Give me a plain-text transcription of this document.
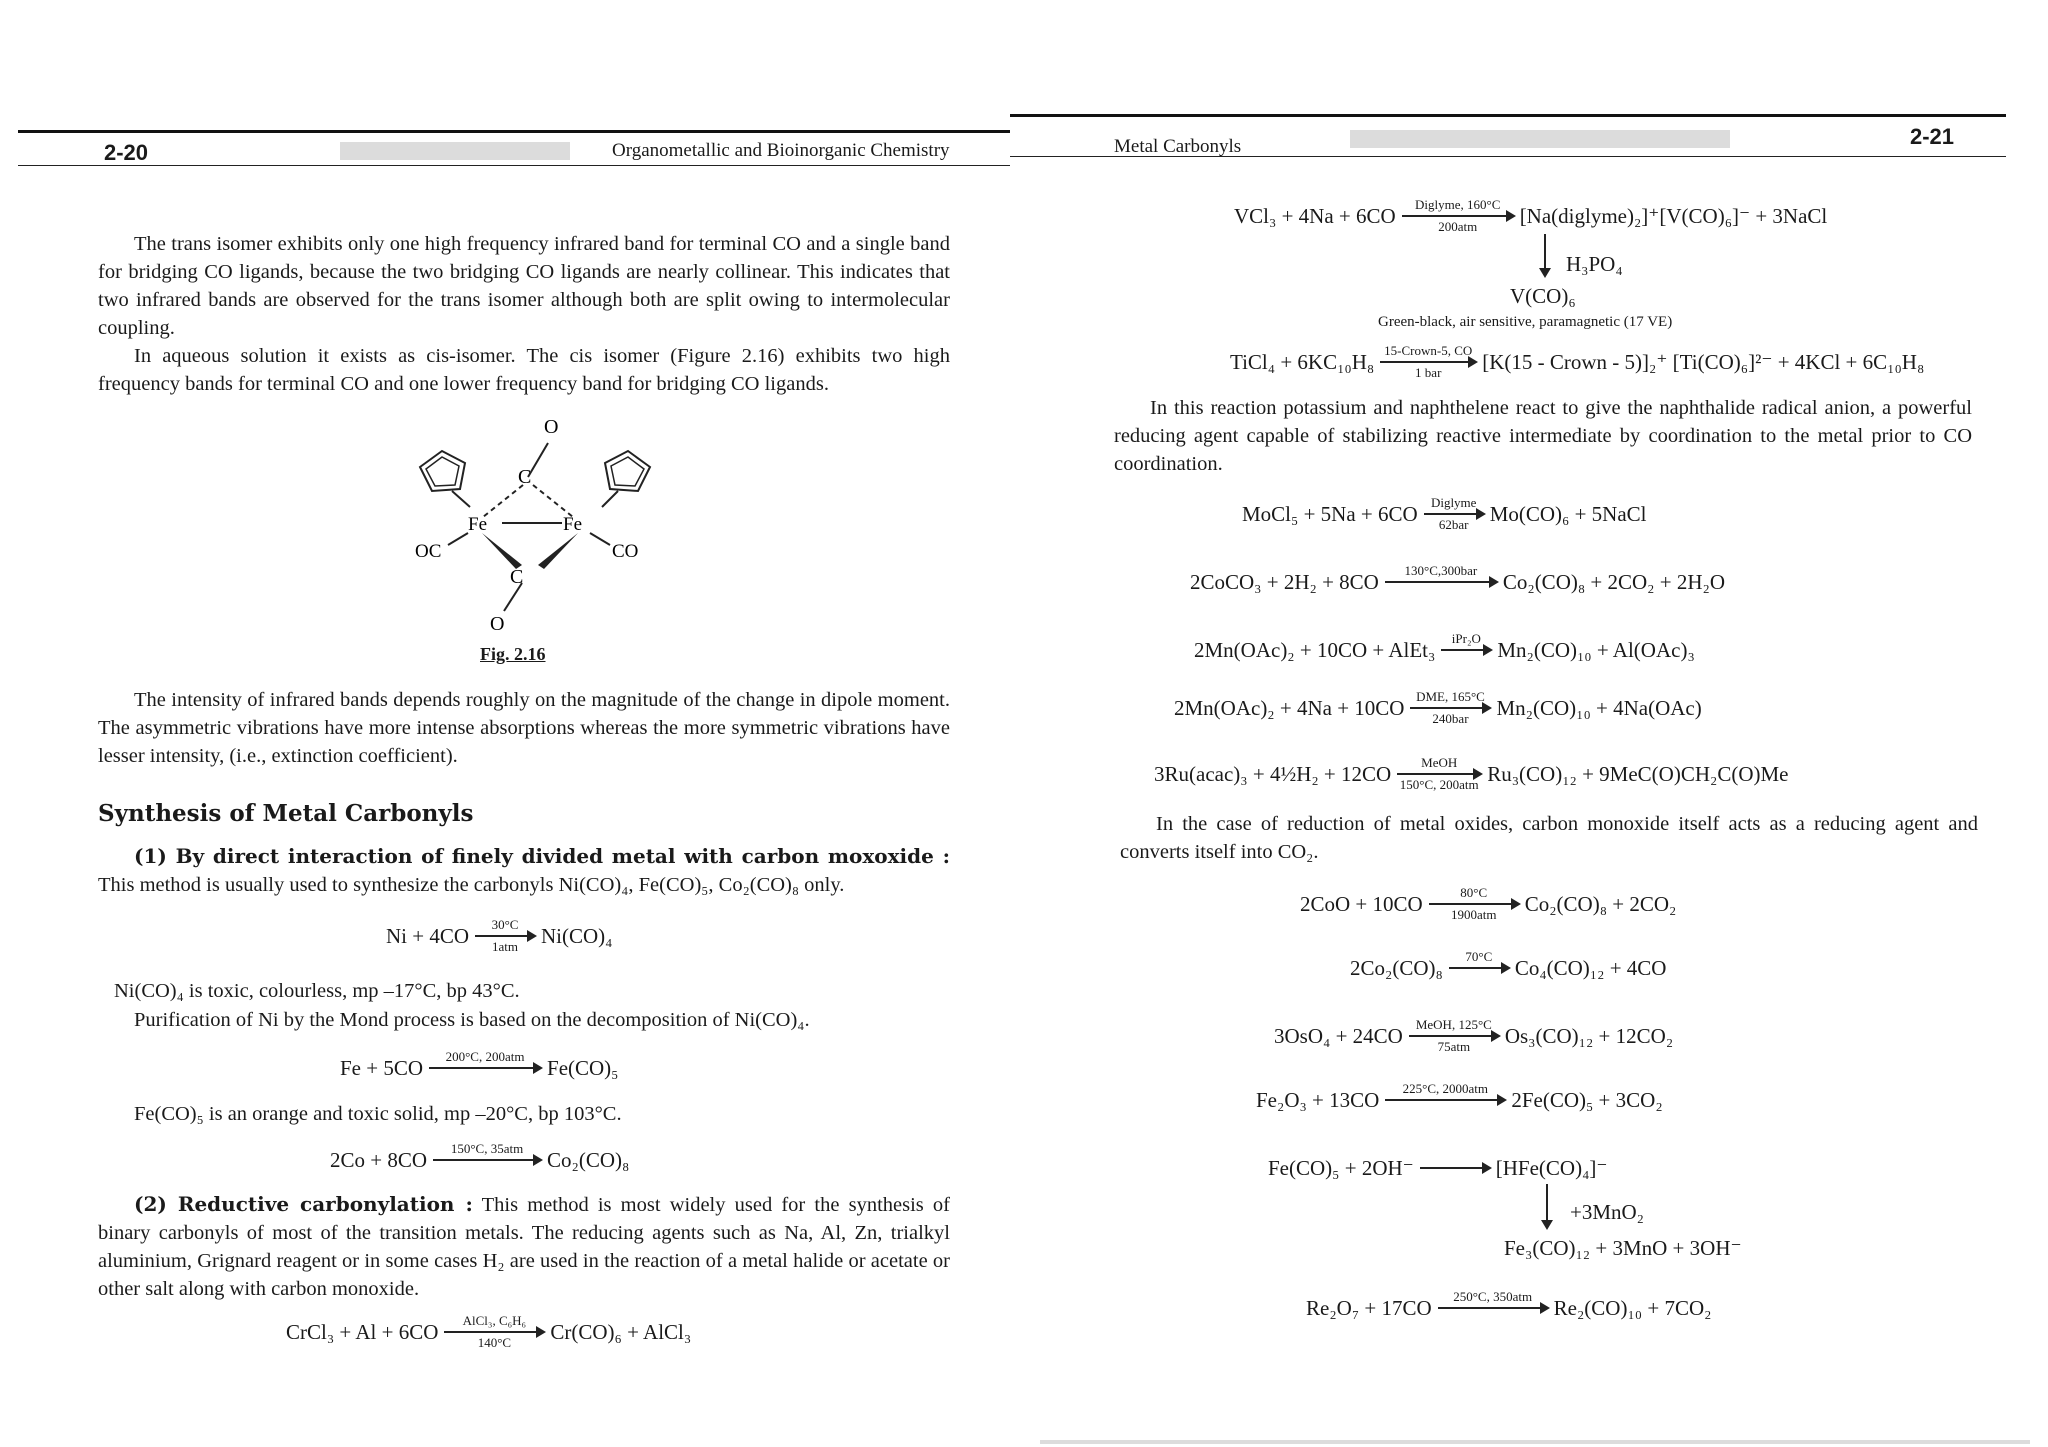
2-20	Organometallic and Bioinorganic Chemistry

The trans isomer exhibits only one high frequency infrared band for terminal CO and a single band for bridging CO ligands, because the two bridging CO ligands are nearly collinear. This indicates that two infrared bands are observed for the trans isomer although both are split owing to intermolecular coupling.

In aqueous solution it exists as cis-isomer. The cis isomer (Figure 2.16) exhibits two high frequency bands for terminal CO and one lower frequency band for bridging CO ligands.

O
C
Fe	Fe
OC	CO
C
O
Fig. 2.16

The intensity of infrared bands depends roughly on the magnitude of the change in dipole moment. The asymmetric vibrations have more intense absorptions whereas the more symmetric vibrations have lesser intensity, (i.e., extinction coefficient).

Synthesis of Metal Carbonyls

(1) By direct interaction of finely divided metal with carbon moxoxide : This method is usually used to synthesize the carbonyls Ni(CO)₄, Fe(CO)₅, Co₂(CO)₈ only.

Ni + 4CO 30°C
1atm Ni(CO)₄
Ni(CO)₄ is toxic, colourless, mp –17°C, bp 43°C.
Purification of Ni by the Mond process is based on the decomposition of Ni(CO)₄.
Fe + 5CO 200°C, 200atm Fe(CO)₅
Fe(CO)₅ is an orange and toxic solid, mp –20°C, bp 103°C.
2Co + 8CO 150°C, 35atm Co₂(CO)₈

(2) Reductive carbonylation : This method is most widely used for the synthesis of binary carbonyls of most of the transition metals. The reducing agents such as Na, Al, Zn, trialkyl aluminium, Grignard reagent or in some cases H₂ are used in the reaction of a metal halide or acetate or other salt along with carbon monoxide.

CrCl₃ + Al + 6CO AlCl₃, C₆H₆
140°C Cr(CO)₆ + AlCl₃
Metal Carbonyls	2-21
VCl₃ + 4Na + 6CO Diglyme, 160°C
200atm [Na(diglyme)₂]⁺[V(CO)₆]⁻ + 3NaCl
H₃PO₄
V(CO)₆
Green-black, air sensitive, paramagnetic (17 VE)
TiCl₄ + 6KC₁₀H₈ 15-Crown-5, CO
1 bar [K(15 - Crown - 5)]₂⁺ [Ti(CO)₆]²⁻ + 4KCl + 6C₁₀H₈

In this reaction potassium and naphthelene react to give the naphthalide radical anion, a powerful reducing agent capable of stabilizing reactive intermediate by coordination to the metal prior to CO coordination.

MoCl₅ + 5Na + 6CO Diglyme
62bar Mo(CO)₆ + 5NaCl
2CoCO₃ + 2H₂ + 8CO 130°C,300bar Co₂(CO)₈ + 2CO₂ + 2H₂O
2Mn(OAc)₂ + 10CO + AlEt₃ iPr₂O Mn₂(CO)₁₀ + Al(OAc)₃
2Mn(OAc)₂ + 4Na + 10CO DME, 165°C
240bar Mn₂(CO)₁₀ + 4Na(OAc)
3Ru(acac)₃ + 4½H₂ + 12CO MeOH
150°C, 200atm Ru₃(CO)₁₂ + 9MeC(O)CH₂C(O)Me

In the case of reduction of metal oxides, carbon monoxide itself acts as a reducing agent and converts itself into CO₂.

2CoO + 10CO	80°C
1900atm Co₂(CO)₈ + 2CO₂
2Co₂(CO)₈ 70°C Co₄(CO)₁₂ + 4CO
3OsO₄ + 24CO MeOH, 125°C
75atm Os₃(CO)₁₂ + 12CO₂
Fe₂O₃ + 13CO 225°C, 2000atm 2Fe(CO)₅ + 3CO₂
Fe(CO)₅ + 2OH⁻ → [HFe(CO)₄]⁻
+3MnO₂
Fe₃(CO)₁₂ + 3MnO + 3OH⁻
Re₂O₇ + 17CO 250°C, 350atm Re₂(CO)₁₀ + 7CO₂
